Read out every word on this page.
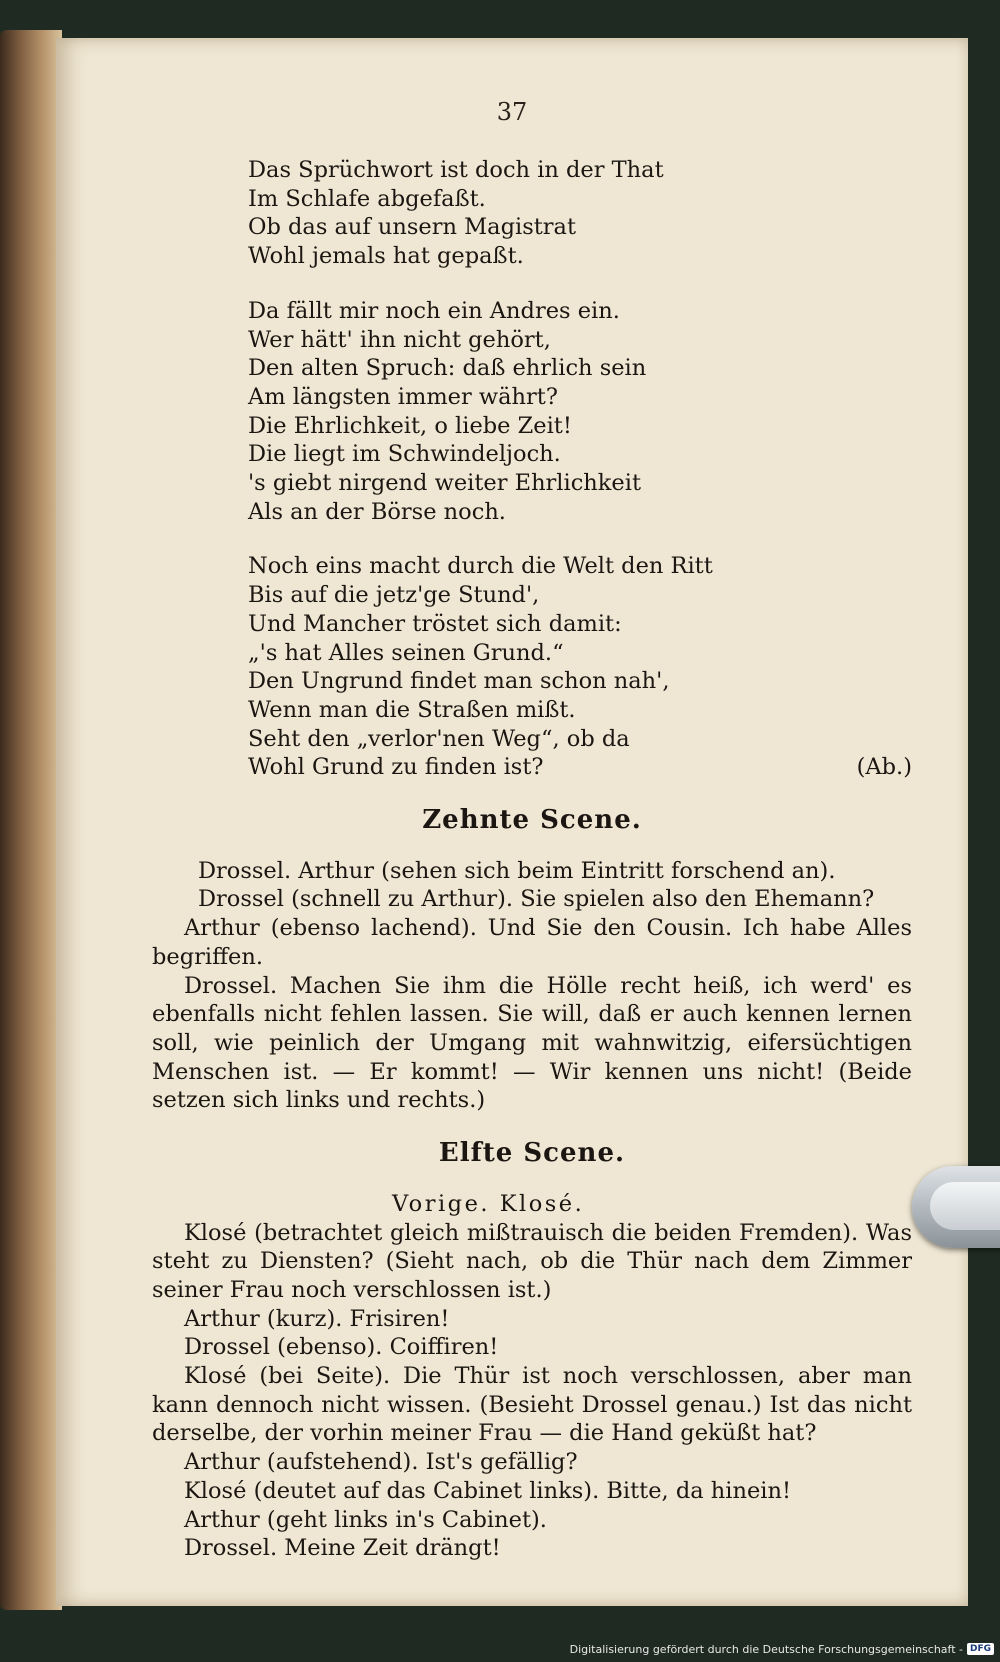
37
Das Sprüchwort ist doch in der That
Im Schlafe abgefaßt.
Ob das auf unsern Magistrat
Wohl jemals hat gepaßt.
Da fällt mir noch ein Andres ein.
Wer hätt' ihn nicht gehört,
Den alten Spruch: daß ehrlich sein
Am längsten immer währt?
Die Ehrlichkeit, o liebe Zeit!
Die liegt im Schwindeljoch.
's giebt nirgend weiter Ehrlichkeit
Als an der Börse noch.
Noch eins macht durch die Welt den Ritt
Bis auf die jetz'ge Stund',
Und Mancher tröstet sich damit:
„'s hat Alles seinen Grund.“
Den Ungrund findet man schon nah',
Wenn man die Straßen mißt.
Seht den „verlor'nen Weg“, ob da
Wohl Grund zu finden ist?	(Ab.)
Zehnte Scene.
Drossel. Arthur (sehen sich beim Eintritt forschend an).
Drossel (schnell zu Arthur). Sie spielen also den Ehemann?
Arthur (ebenso lachend). Und Sie den Cousin. Ich habe Alles begriffen.
Drossel. Machen Sie ihm die Hölle recht heiß, ich werd' es ebenfalls nicht fehlen lassen. Sie will, daß er auch kennen lernen soll, wie peinlich der Umgang mit wahnwitzig, eifersüchtigen Menschen ist. — Er kommt! — Wir kennen uns nicht! (Beide setzen sich links und rechts.)
Elfte Scene.
Vorige. Klosé.
Klosé (betrachtet gleich mißtrauisch die beiden Fremden). Was steht zu Diensten? (Sieht nach, ob die Thür nach dem Zimmer seiner Frau noch verschlossen ist.)
Arthur (kurz). Frisiren!
Drossel (ebenso). Coiffiren!
Klosé (bei Seite). Die Thür ist noch verschlossen, aber man kann dennoch nicht wissen. (Besieht Drossel genau.) Ist das nicht derselbe, der vorhin meiner Frau — die Hand geküßt hat?
Arthur (aufstehend). Ist's gefällig?
Klosé (deutet auf das Cabinet links). Bitte, da hinein!
Arthur (geht links in's Cabinet).
Drossel. Meine Zeit drängt!
Digitalisierung gefördert durch die Deutsche Forschungsgemeinschaft - DFG
